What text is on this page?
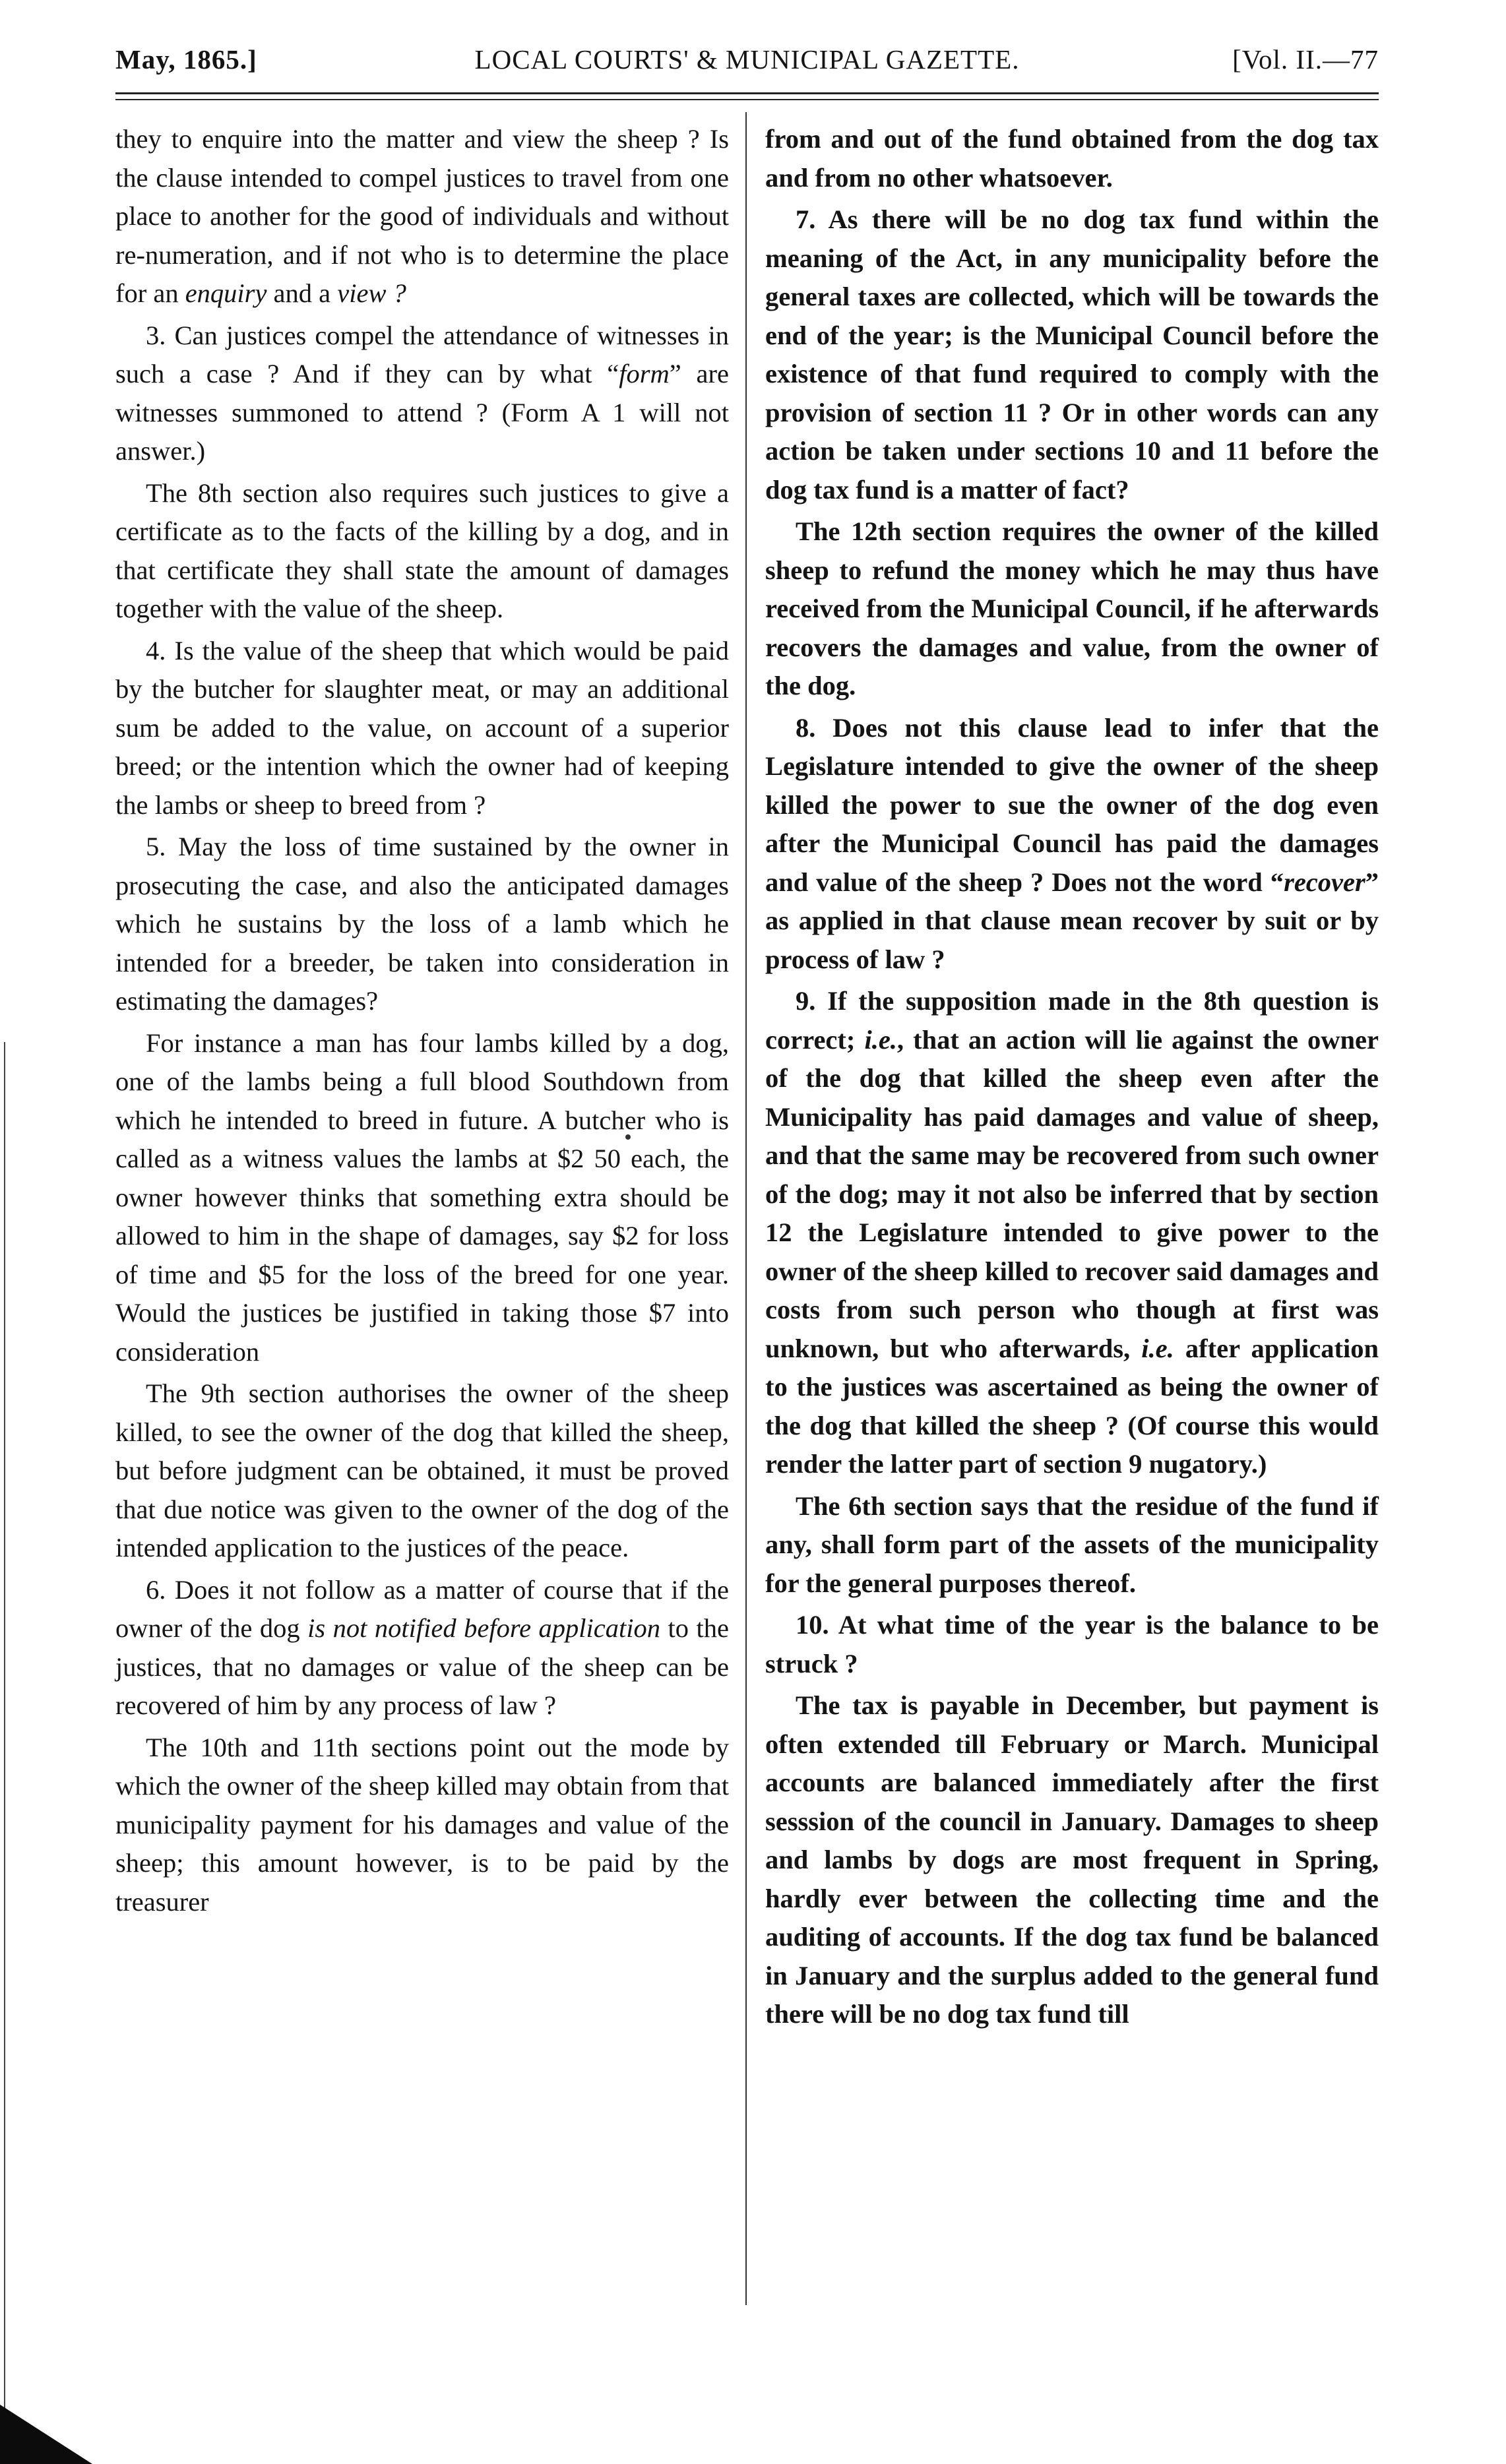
May, 1865.]	LOCAL COURTS' & MUNICIPAL GAZETTE.	[Vol. II.—77

they to enquire into the matter and view the sheep ? Is the clause intended to compel justices to travel from one place to another for the good of individuals and without re-numeration, and if not who is to determine the place for an enquiry and a view ?

3. Can justices compel the attendance of witnesses in such a case ? And if they can by what “form” are witnesses summoned to attend ? (Form A 1 will not answer.)

The 8th section also requires such justices to give a certificate as to the facts of the killing by a dog, and in that certificate they shall state the amount of damages together with the value of the sheep.

4. Is the value of the sheep that which would be paid by the butcher for slaughter meat, or may an additional sum be added to the value, on account of a superior breed; or the intention which the owner had of keeping the lambs or sheep to breed from ?

5. May the loss of time sustained by the owner in prosecuting the case, and also the anticipated damages which he sustains by the loss of a lamb which he intended for a breeder, be taken into consideration in estimating the damages?

For instance a man has four lambs killed by a dog, one of the lambs being a full blood Southdown from which he intended to breed in future. A butcher who is called as a witness values the lambs at $2 50 each, the owner however thinks that something extra should be allowed to him in the shape of damages, say $2 for loss of time and $5 for the loss of the breed for one year. Would the justices be justified in taking those $7 into consideration

The 9th section authorises the owner of the sheep killed, to see the owner of the dog that killed the sheep, but before judgment can be obtained, it must be proved that due notice was given to the owner of the dog of the intended application to the justices of the peace.

6. Does it not follow as a matter of course that if the owner of the dog is not notified before application to the justices, that no damages or value of the sheep can be recovered of him by any process of law ?

The 10th and 11th sections point out the mode by which the owner of the sheep killed may obtain from that municipality payment for his damages and value of the sheep; this amount however, is to be paid by the treasurer

from and out of the fund obtained from the dog tax and from no other whatsoever.

7. As there will be no dog tax fund within the meaning of the Act, in any municipality before the general taxes are collected, which will be towards the end of the year; is the Municipal Council before the existence of that fund required to comply with the provision of section 11 ? Or in other words can any action be taken under sections 10 and 11 before the dog tax fund is a matter of fact?

The 12th section requires the owner of the killed sheep to refund the money which he may thus have received from the Municipal Council, if he afterwards recovers the damages and value, from the owner of the dog.

8. Does not this clause lead to infer that the Legislature intended to give the owner of the sheep killed the power to sue the owner of the dog even after the Municipal Council has paid the damages and value of the sheep ? Does not the word “recover” as applied in that clause mean recover by suit or by process of law ?

9. If the supposition made in the 8th question is correct; i.e., that an action will lie against the owner of the dog that killed the sheep even after the Municipality has paid damages and value of sheep, and that the same may be recovered from such owner of the dog; may it not also be inferred that by section 12 the Legislature intended to give power to the owner of the sheep killed to recover said damages and costs from such person who though at first was unknown, but who afterwards, i.e. after application to the justices was ascertained as being the owner of the dog that killed the sheep ? (Of course this would render the latter part of section 9 nugatory.)

The 6th section says that the residue of the fund if any, shall form part of the assets of the municipality for the general purposes thereof.

10. At what time of the year is the balance to be struck ?

The tax is payable in December, but payment is often extended till February or March. Municipal accounts are balanced immediately after the first sesssion of the council in January. Damages to sheep and lambs by dogs are most frequent in Spring, hardly ever between the collecting time and the auditing of accounts. If the dog tax fund be balanced in January and the surplus added to the general fund there will be no dog tax fund till
